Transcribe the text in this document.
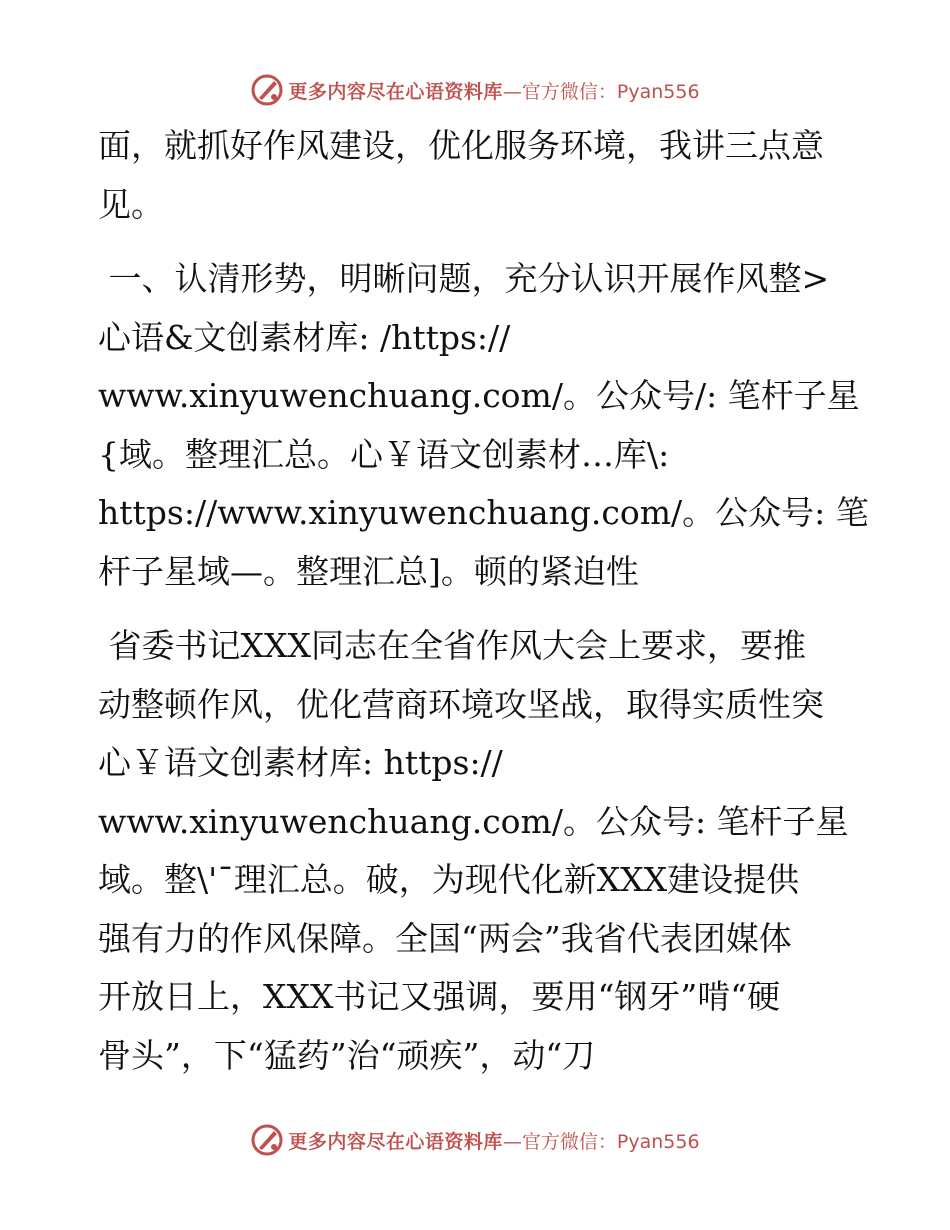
更多内容尽在心语资料库 —官方微信：Pyan556
面，就抓好作风建设，优化服务环境，我讲三点意
见。
一、认清形势，明晰问题，充分认识开展作风整>
心语&文创素材库: /https://
www.xinyuwenchuang.com/。公众号/: 笔杆子星
{域。整理汇总。心￥语文创素材…库\:
https://www.xinyuwenchuang.com/。公众号: 笔
杆子星域—。整理汇总]。顿的紧迫性
省委书记XXX同志在全省作风大会上要求，要推
动整顿作风，优化营商环境攻坚战，取得实质性突
心￥语文创素材库: https://
www.xinyuwenchuang.com/。公众号: 笔杆子星
域。整\'¯理汇总。破，为现代化新XXX建设提供
强有力的作风保障。全国“两会”我省代表团媒体
开放日上，XXX书记又强调，要用“钢牙”啃“硬
骨头”，下“猛药”治“顽疾”，动“刀
更多内容尽在心语资料库 —官方微信：Pyan556
